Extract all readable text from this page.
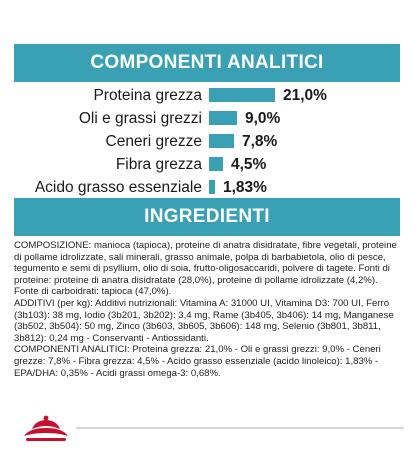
COMPONENTI ANALITICI
Proteina grezza	21,0%
Oli e grassi grezzi	9,0%
Ceneri grezze	7,8%
Fibra grezza 4,5%
Acido grasso essenziale 1,83%
INGREDIENTI

COMPOSIZIONE: manioca (tapioca), proteine di anatra disidratate, fibre vegetali, proteine di pollame idrolizzate, sali minerali, grasso animale, polpa di barbabietola, olio di pesce, tegumento e semi di psyllium, olio di soia, frutto-oligosaccaridi, polvere di tagete. Fonti di proteine: proteine di anatra disidratate (28,0%), proteine di pollame idrolizzate (4,2%). Fonte di carboidrati: tapioca (47,0%).

ADDITIVI (per kg): Additivi nutrizionali: Vitamina A: 31000 UI, Vitamina D3: 700 UI, Ferro (3b103): 38 mg, Iodio (3b201, 3b202): 3,4 mg, Rame (3b405, 3b406): 14 mg, Manganese (3b502, 3b504): 50 mg, Zinco (3b603, 3b605, 3b606): 148 mg, Selenio (3b801, 3b811, 3b812): 0,24 mg - Conservanti - Antiossidanti.

COMPONENTI ANALITICI: Proteina grezza: 21,0% - Oli e grassi grezzi: 9,0% - Ceneri grezze: 7,8% - Fibra grezza: 4,5% - Acido grasso essenziale (acido linoleico): 1,83% - EPA/DHA: 0,35% - Acidi grassi omega-3: 0,68%.
